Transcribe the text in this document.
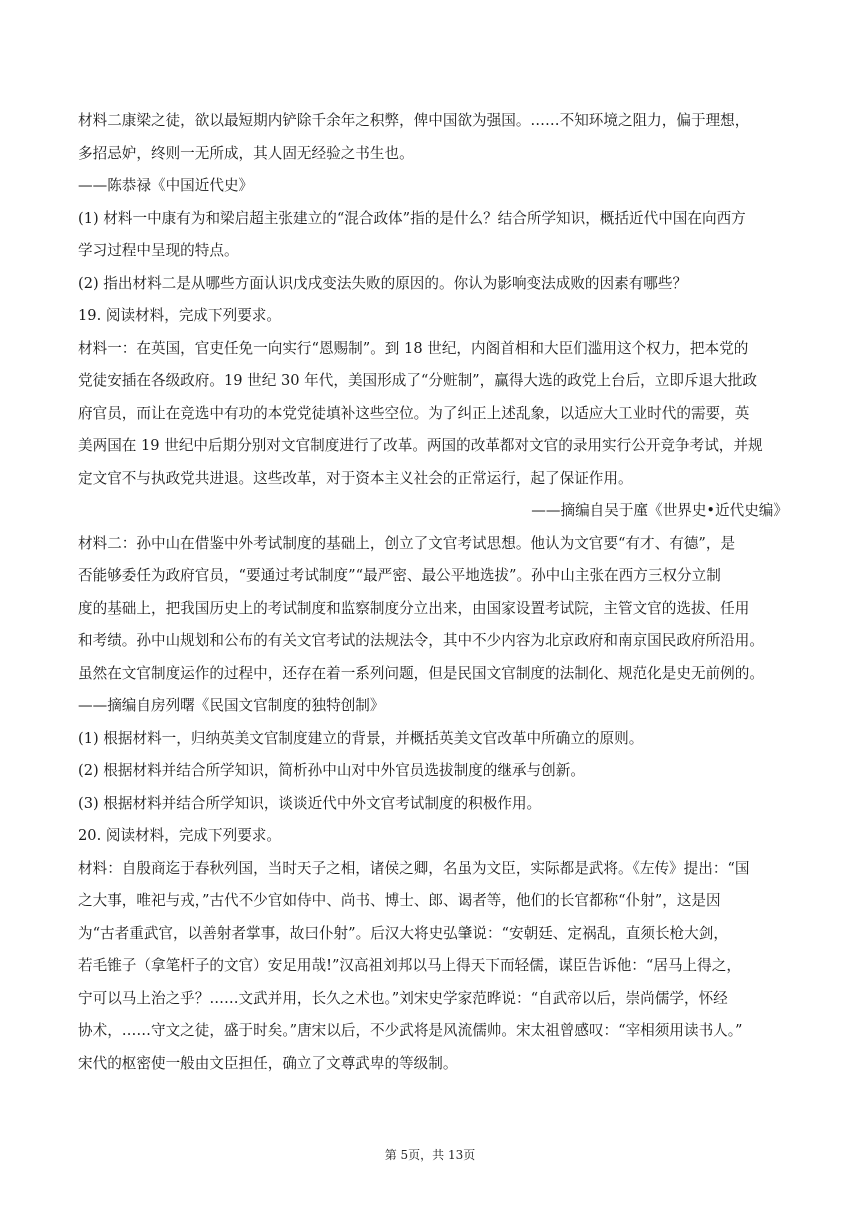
材料二康梁之徒，欲以最短期内铲除千余年之积弊，俾中国欲为强国。……不知环境之阻力，偏于理想，
多招忌妒，终则一无所成，其人固无经验之书生也。
——陈恭禄《中国近代史》
(1) 材料一中康有为和梁启超主张建立的“混合政体”指的是什么？结合所学知识，概括近代中国在向西方
学习过程中呈现的特点。
(2) 指出材料二是从哪些方面认识戊戌变法失败的原因的。你认为影响变法成败的因素有哪些？
19. 阅读材料，完成下列要求。
材料一：在英国，官吏任免一向实行“恩赐制”。到 18 世纪，内阁首相和大臣们滥用这个权力，把本党的
党徒安插在各级政府。19 世纪 30 年代，美国形成了“分赃制”，赢得大选的政党上台后，立即斥退大批政
府官员，而让在竞选中有功的本党党徒填补这些空位。为了纠正上述乱象，以适应大工业时代的需要，英
美两国在 19 世纪中后期分别对文官制度进行了改革。两国的改革都对文官的录用实行公开竞争考试，并规
定文官不与执政党共进退。这些改革，对于资本主义社会的正常运行，起了保证作用。
——摘编自吴于廑《世界史•近代史编》
材料二：孙中山在借鉴中外考试制度的基础上，创立了文官考试思想。他认为文官要“有才、有德”，是
否能够委任为政府官员，“要通过考试制度”“最严密、最公平地选拔”。孙中山主张在西方三权分立制
度的基础上，把我国历史上的考试制度和监察制度分立出来，由国家设置考试院，主管文官的选拔、任用
和考绩。孙中山规划和公布的有关文官考试的法规法令，其中不少内容为北京政府和南京国民政府所沿用。
虽然在文官制度运作的过程中，还存在着一系列问题，但是民国文官制度的法制化、规范化是史无前例的。
——摘编自房列曙《民国文官制度的独特创制》
(1) 根据材料一，归纳英美文官制度建立的背景，并概括英美文官改革中所确立的原则。
(2) 根据材料并结合所学知识，简析孙中山对中外官员选拔制度的继承与创新。
(3) 根据材料并结合所学知识，谈谈近代中外文官考试制度的积极作用。
20. 阅读材料，完成下列要求。
材料：自殷商迄于春秋列国，当时天子之相，诸侯之卿，名虽为文臣，实际都是武将。《左传》提出：“国
之大事，唯祀与戎，”古代不少官如侍中、尚书、博士、郎、谒者等，他们的长官都称“仆射”，这是因
为“古者重武官，以善射者掌事，故曰仆射”。后汉大将史弘肇说：“安朝廷、定祸乱，直须长枪大剑，
若毛锥子（拿笔杆子的文官）安足用哉!”汉高祖刘邦以马上得天下而轻儒，谋臣告诉他：“居马上得之，
宁可以马上治之乎？……文武并用，长久之术也。”刘宋史学家范晔说：“自武帝以后，崇尚儒学，怀经
协术，……守文之徒，盛于时矣。”唐宋以后，不少武将是风流儒帅。宋太祖曾感叹：“宰相须用读书人。”
宋代的枢密使一般由文臣担任，确立了文尊武卑的等级制。
第 5页，共 13页
